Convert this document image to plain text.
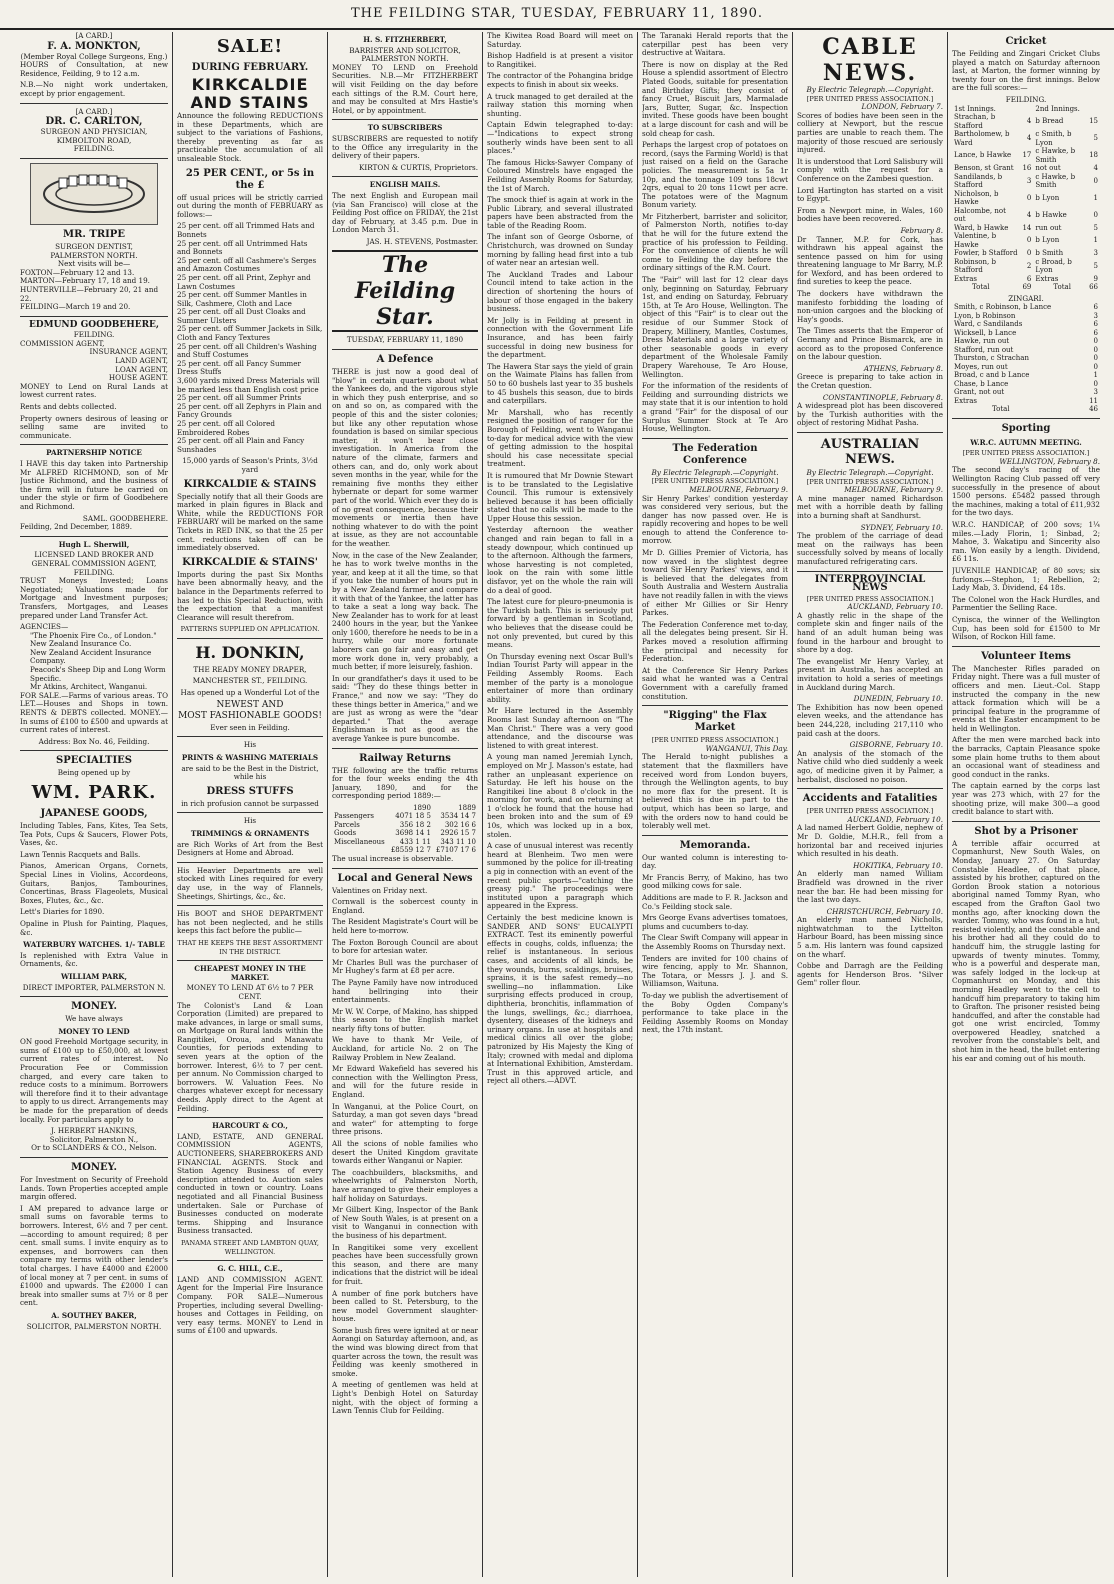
THE FEILDING STAR, TUESDAY, FEBRUARY 11, 1890.
[A CARD.]
F. A. MONKTON,
(Member Royal College Surgeons, Eng.)

HOURS of Consultation, at new Residence, Feilding, 9 to 12 a.m.

N.B.—No night work undertaken, except by prior engagement.

[A CARD.]
DR. C. CARLTON,
SURGEON AND PHYSICIAN,
KIMBOLTON ROAD,
FEILDING.
MR. TRIPE
SURGEON DENTIST,
PALMERSTON NORTH.
Next visits will be—
FOXTON—February 12 and 13.
MARTON—February 17, 18 and 19.
HUNTERVILLE—February 20, 21 and 22.
FEILDING—March 19 and 20.
EDMUND GOODBEHERE,
FEILDING.
COMMISSION AGENT,
INSURANCE AGENT,
LAND AGENT,
LOAN AGENT,
HOUSE AGENT.

MONEY to Lend on Rural Lands at lowest current rates.

Rents and debts collected.

Property owners desirous of leasing or selling same are invited to communicate.

PARTNERSHIP NOTICE

I HAVE this day taken into Partnership Mr ALFRED RICHMOND, son of Mr Justice Richmond, and the business of the firm will in future be carried on under the style or firm of Goodbehere and Richmond.

SAML. GOODBEHERE.
Feilding, 2nd December, 1889.
Hugh L. Sherwill,
LICENSED LAND BROKER AND
GENERAL COMMISSION AGENT,
FEILDING.

TRUST Moneys Invested; Loans Negotiated; Valuations made for Mortgage and Investment purposes; Transfers, Mortgages, and Leases prepared under Land Transfer Act.

AGENCIES—
"The Phoenix Fire Co., of London."
New Zealand Insurance Co.
New Zealand Accident Insurance Company.
Peacock's Sheep Dip and Long Worm Specific.
Mr Atkins, Architect, Wanganui.

FOR SALE.—Farms of various areas. TO LET.—Houses and Shops in town. RENTS & DEBTS collected. MONEY.—In sums of £100 to £500 and upwards at current rates of interest.

Address: Box No. 46, Feilding.
SPECIALTIES
Being opened up by
WM. PARK.
JAPANESE GOODS,

Including Tables, Fans, Kites, Tea Sets, Tea Pots, Cups & Saucers, Flower Pots, Vases, &c.

Lawn Tennis Racquets and Balls.

Pianos, American Organs, Cornets, Special Lines in Violins, Accordeons, Guitars, Banjos, Tambourines, Concertinas, Brass Flageolets, Musical Boxes, Flutes, &c., &c.

Lett's Diaries for 1890.

Opaline in Plush for Painting, Plaques, &c.

WATERBURY WATCHES. 1/- TABLE

Is replenished with Extra Value in Ornaments, &c.

WILLIAM PARK,
DIRECT IMPORTER, PALMERSTON N.
MONEY.
We have always
MONEY TO LEND

ON good Freehold Mortgage security, in sums of £100 up to £50,000, at lowest current rates of interest. No Procuration Fee or Commission charged, and every care taken to reduce costs to a minimum. Borrowers will therefore find it to their advantage to apply to us direct. Arrangements may be made for the preparation of deeds locally. For particulars apply to

J. HERBERT HANKINS,
Solicitor, Palmerston N.,
Or to SCLANDERS & CO., Nelson.
MONEY.

For Investment on Security of Freehold Lands. Town Properties accepted ample margin offered.

I AM prepared to advance large or small sums on favorable terms to borrowers. Interest, 6½ and 7 per cent.—according to amount required; 8 per cent. small sums. I invite enquiry as to expenses, and borrowers can then compare my terms with other lender's total charges. I have £4000 and £2000 of local money at 7 per cent. in sums of £1000 and upwards. The £2000 I can break into smaller sums at 7½ or 8 per cent.

A. SOUTHEY BAKER,
SOLICITOR, PALMERSTON NORTH.
SALE!
DURING FEBRUARY.
KIRKCALDIE AND STAINS

Announce the following REDUCTIONS in these Departments, which are subject to the variations of Fashions, thereby preventing as far as practicable the accumulation of all unsaleable Stock.

25 PER CENT., or 5s in the £

off usual prices will be strictly carried out during the month of FEBRUARY as follows:—

25 per cent. off all Trimmed Hats and Bonnets
25 per cent. off all Untrimmed Hats and Bonnets
25 per cent. off all Cashmere's Serges and Amazon Costumes
25 per cent. off all Print, Zephyr and Lawn Costumes
25 per cent. off Summer Mantles in Silk, Cashmere, Cloth and Lace
25 per cent. off all Dust Cloaks and Summer Ulsters
25 per cent. off Summer Jackets in Silk, Cloth and Fancy Textures
25 per cent. off all Children's Washing and Stuff Costumes
25 per cent. off all Fancy Summer Dress Stuffs
3,600 yards mixed Dress Materials will be marked less than English cost price
25 per cent. off all Summer Prints
25 per cent. off all Zephyrs in Plain and Fancy Grounds
25 per cent. off all Colored Embroidered Robes
25 per cent. off all Plain and Fancy Sunshades
15,000 yards of Season's Prints, 3½d yard
KIRKCALDIE & STAINS

Specially notify that all their Goods are marked in plain figures in Black and White, while the REDUCTIONS FOR FEBRUARY will be marked on the same Tickets in RED INK, so that the 25 per cent. reductions taken off can be immediately observed.

KIRKCALDIE & STAINS'

Imports during the past Six Months have been abnormally heavy, and the balance in the Departments referred to has led to this Special Reduction, with the expectation that a manifest Clearance will result therefrom.

PATTERNS SUPPLIED ON APPLICATION.
H. DONKIN,
THE READY MONEY DRAPER,
MANCHESTER ST., FEILDING.
Has opened up a Wonderful Lot of the
NEWEST AND
MOST FASHIONABLE GOODS!
Ever seen in Feilding.
His
PRINTS & WASHING MATERIALS
are said to be the Best in the District, while his
DRESS STUFFS
in rich profusion cannot be surpassed
His
TRIMMINGS & ORNAMENTS

are Rich Works of Art from the Best Designers at Home and Abroad.

His Heavier Departments are well stocked with Lines required for every day use, in the way of Flannels, Sheetings, Shirtings, &c., &c.

His BOOT and SHOE DEPARTMENT has not been neglected, and he stills keeps this fact before the public—

THAT HE KEEPS THE BEST ASSORTMENT IN THE DISTRICT.
CHEAPEST MONEY IN THE MARKET.
MONEY TO LEND AT 6½ to 7 PER CENT.

The Colonist's Land & Loan Corporation (Limited) are prepared to make advances, in large or small sums, on Mortgage on Rural lands within the Rangitikei, Oroua, and Manawatu Counties, for periods extending to seven years at the option of the borrower. Interest, 6½ to 7 per cent. per annum. No Commission charged to borrowers. W. Valuation Fees. No charges whatever except for necessary deeds. Apply direct to the Agent at Feilding.

HARCOURT & CO.,

LAND, ESTATE, AND GENERAL COMMISSION AGENTS, AUCTIONEERS, SHAREBROKERS AND FINANCIAL AGENTS. Stock and Station Agency Business of every description attended to. Auction sales conducted in town or country. Loans negotiated and all Financial Business undertaken. Sale or Purchase of Businesses conducted on moderate terms. Shipping and Insurance Business transacted.

PANAMA STREET AND LAMBTON QUAY, WELLINGTON.
G. C. HILL, C.E.,

LAND AND COMMISSION AGENT. Agent for the Imperial Fire Insurance Company. FOR SALE—Numerous Properties, including several Dwelling-houses and Cottages in Feilding, on very easy terms. MONEY to Lend in sums of £100 and upwards.

H. S. FITZHERBERT,
BARRISTER AND SOLICITOR,
PALMERSTON NORTH.

MONEY TO LEND on Freehold Securities. N.B.—Mr FITZHERBERT will visit Feilding on the day before each sittings of the R.M. Court here, and may be consulted at Mrs Hastie's Hotel, or by appointment.

TO SUBSCRIBERS

SUBSCRIBERS are requested to notify to the Office any irregularity in the delivery of their papers.

KIRTON & CURTIS, Proprietors.
ENGLISH MAILS.

The next English and European mail (via San Francisco) will close at the Feilding Post office on FRIDAY, the 21st day of February, at 3.45 p.m. Due in London March 31.

JAS. H. STEVENS, Postmaster.
The Feilding Star.
TUESDAY, FEBRUARY 11, 1890
A Defence

THERE is just now a good deal of "blow" in certain quarters about what the Yankees do, and the vigorous style in which they push enterprise, and so on and so on, as compared with the people of this and the sister colonies; but like any other reputation whose foundation is based on similar specious matter, it won't bear close investigation. In America from the nature of the climate, farmers and others can, and do, only work about seven months in the year, while for the remaining five months they either hybernate or depart for some warmer part of the world. Which ever they do is of no great consequence, because their movements or inertia then have nothing whatever to do with the point at issue, as they are not accountable for the weather.

Now, in the case of the New Zealander, he has to work twelve months in the year, and keep at it all the time, so that if you take the number of hours put in by a New Zealand farmer and compare it with that of the Yankee, the latter has to take a seat a long way back. The New Zealander has to work for at least 2400 hours in the year, but the Yankee only 1600, therefore he needs to be in a hurry, while our more fortunate laborers can go fair and easy and get more work done in, very probably, a much better, if more leisurely, fashion.

In our grandfather's days it used to be said: "They do these things better in France," and now we say: "They do these things better in America," and we are just as wrong as were the "dear departed." That the average Englishman is not as good as the average Yankee is pure buncombe.

Railway Returns

THE following are the traffic returns for the four weeks ending the 4th January, 1890, and for the corresponding period 1889:—

	1890	1889
Passengers	4071 18 5	3534 14 7
Parcels	356 18 2	302 16 6
Goods	3698 14 1	2926 15 7
Miscellaneous	433 1 11	343 11 10
	£8559 12 7	£7107 17 6

The usual increase is observable.

Local and General News

Valentines on Friday next.

Cornwall is the sobercest county in England.

The Resident Magistrate's Court will be held here to-morrow.

The Foxton Borough Council are about to bore for artesian water.

Mr Charles Bull was the purchaser of Mr Hughey's farm at £8 per acre.

The Payne Family have now introduced hand bellringing into their entertainments.

Mr W. W. Corpe, of Makino, has shipped this season to the English market nearly fifty tons of butter.

We have to thank Mr Veile, of Auckland, for article No. 2 on The Railway Problem in New Zealand.

Mr Edward Wakefield has severed his connection with the Wellington Press, and will for the future reside in England.

In Wanganui, at the Police Court, on Saturday, a man got seven days "bread and water" for attempting to forge three prisons.

All the scions of noble families who desert the United Kingdom gravitate towards either Wanganui or Napier.

The coachbuilders, blacksmiths, and wheelwrights of Palmerston North, have arranged to give their employes a half holiday on Saturdays.

Mr Gilbert King, Inspector of the Bank of New South Wales, is at present on a visit to Wanganui in connection with the business of his department.

In Rangitikei some very excellent peaches have been successfully grown this season, and there are many indications that the district will be ideal for fruit.

A number of fine pork butchers have been called to St. Petersburg, to the new model Government slaughter-house.

Some bush fires were ignited at or near Aorangi on Saturday afternoon, and, as the wind was blowing direct from that quarter across the town, the result was Feilding was keenly smothered in smoke.

A meeting of gentlemen was held at Light's Denbigh Hotel on Saturday night, with the object of forming a Lawn Tennis Club for Feilding.

The Kiwitea Road Board will meet on Saturday.

Bishop Hadfield is at present a visitor to Rangitikei.

The contractor of the Pohangina bridge expects to finish in about six weeks.

A truck managed to get derailed at the railway station this morning when shunting.

Captain Edwin telegraphed to-day:—"Indications to expect strong southerly winds have been sent to all places."

The famous Hicks-Sawyer Company of Coloured Minstrels have engaged the Feilding Assembly Rooms for Saturday, the 1st of March.

The smock thief is again at work in the Public Library, and several illustrated papers have been abstracted from the table of the Reading Room.

The infant son of George Osborne, of Christchurch, was drowned on Sunday morning by falling head first into a tub of water near an artesian well.

The Auckland Trades and Labour Council intend to take action in the direction of shortening the hours of labour of those engaged in the bakery business.

Mr Jolly is in Feilding at present in connection with the Government Life Insurance, and has been fairly successful in doing new business for the department.

The Hawera Star says the yield of grain on the Waimate Plains has fallen from 50 to 60 bushels last year to 35 bushels to 45 bushels this season, due to birds and caterpillars.

Mr Marshall, who has recently resigned the position of ranger for the Borough of Feilding, went to Wanganui to-day for medical advice with the view of getting admission to the hospital should his case necessitate special treatment.

It is rumoured that Mr Downie Stewart is to be translated to the Legislative Council. This rumour is extensively believed because it has been officially stated that no calls will be made to the Upper House this session.

Yesterday afternoon the weather changed and rain began to fall in a steady downpour, which continued up to the afternoon. Although the farmers, whose harvesting is not completed, look on the rain with some little disfavor, yet on the whole the rain will do a deal of good.

The latest cure for pleuro-pneumonia is the Turkish bath. This is seriously put forward by a gentleman in Scotland, who believes that the disease could be not only prevented, but cured by this means.

On Thursday evening next Oscar Bull's Indian Tourist Party will appear in the Feilding Assembly Rooms. Each member of the party is a monologue entertainer of more than ordinary ability.

Mr Hare lectured in the Assembly Rooms last Sunday afternoon on "The Man Christ." There was a very good attendance, and the discourse was listened to with great interest.

A young man named Jeremiah Lynch, employed on Mr J. Masson's estate, had rather an unpleasant experience on Saturday. He left his house on the Rangitikei line about 8 o'clock in the morning for work, and on returning at 1 o'clock he found that the house had been broken into and the sum of £9 10s, which was locked up in a box, stolen.

A case of unusual interest was recently heard at Blenheim. Two men were summoned by the police for ill-treating a pig in connection with an event of the recent public sports—"catching the greasy pig." The proceedings were instituted upon a paragraph which appeared in the Express.

Certainly the best medicine known is SANDER AND SONS' EUCALYPTI EXTRACT. Test its eminently powerful effects in coughs, colds, influenza; the relief is instantaneous. In serious cases, and accidents of all kinds, be they wounds, burns, scaldings, bruises, sprains, it is the safest remedy—no swelling—no inflammation. Like surprising effects produced in croup, diphtheria, bronchitis, inflammation of the lungs, swellings, &c.; diarrhoea, dysentery, diseases of the kidneys and urinary organs. In use at hospitals and medical clinics all over the globe; patronized by His Majesty the King of Italy; crowned with medal and diploma at International Exhibition, Amsterdam. Trust in this approved article, and reject all others.—ADVT.

The Taranaki Herald reports that the caterpillar pest has been very destructive at Waitara.

There is now on display at the Red House a splendid assortment of Electro Plated Goods, suitable for presentation and Birthday Gifts; they consist of fancy Cruet, Biscuit Jars, Marmalade Jars, Butter, Sugar, &c. Inspection invited. These goods have been bought at a large discount for cash and will be sold cheap for cash.

Perhaps the largest crop of potatoes on record, (says the Farming World) is that just raised on a field on the Garache policies. The measurement is 5a 1r 10p, and the tonnage 109 tons 18cwt 2qrs, equal to 20 tons 11cwt per acre. The potatoes were of the Magnum Bonum variety.

Mr Fitzherbert, barrister and solicitor, of Palmerston North, notifies to-day that he will for the future extend the practice of his profession to Feilding. For the convenience of clients he will come to Feilding the day before the ordinary sittings of the R.M. Court.

The "Fair" will last for 12 clear days only, beginning on Saturday, February 1st, and ending on Saturday, February 15th, at Te Aro House, Wellington. The object of this "Fair" is to clear out the residue of our Summer Stock of Drapery, Millinery, Mantles, Costumes, Dress Materials and a large variety of other seasonable goods in every department of the Wholesale Family Drapery Warehouse, Te Aro House, Wellington.

For the information of the residents of Feilding and surrounding districts we may state that it is our intention to hold a grand "Fair" for the disposal of our Surplus Summer Stock at Te Aro House, Wellington.

The Federation Conference
By Electric Telegraph.—Copyright.
[PER UNITED PRESS ASSOCIATION.]
MELBOURNE, February 9.

Sir Henry Parkes' condition yesterday was considered very serious, but the danger has now passed over. He is rapidly recovering and hopes to be well enough to attend the Conference to-morrow.

Mr D. Gillies Premier of Victoria, has now waved in the slightest degree toward Sir Henry Parkes' views, and it is believed that the delegates from South Australia and Western Australia have not readily fallen in with the views of either Mr Gillies or Sir Henry Parkes.

The Federation Conference met to-day, all the delegates being present. Sir H. Parkes moved a resolution affirming the principal and necessity for Federation.

At the Conference Sir Henry Parkes said what he wanted was a Central Government with a carefully framed constitution.

"Rigging" the Flax Market
[PER UNITED PRESS ASSOCIATION.]
WANGANUI, This Day.

The Herald to-night publishes a statement that the flaxmillers have received word from London buyers, through the Wellington agents, to buy no more flax for the present. It is believed this is due in part to the output, which has been so large, and with the orders now to hand could be tolerably well met.

Memoranda.

Our wanted column is interesting to-day.

Mr Francis Berry, of Makino, has two good milking cows for sale.

Additions are made to F. R. Jackson and Co.'s Feilding stock sale.

Mrs George Evans advertises tomatoes, plums and cucumbers to-day.

The Clear Swift Company will appear in the Assembly Rooms on Thursday next.

Tenders are invited for 100 chains of wire fencing, apply to Mr. Shannon, The Totara, or Messrs J. J. and S. Williamson, Waituna.

To-day we publish the advertisement of the Boby Ogden Company's performance to take place in the Feilding Assembly Rooms on Monday next, the 17th instant.

CABLE NEWS.
By Electric Telegraph.—Copyright.
[PER UNITED PRESS ASSOCIATION.]
LONDON, February 7.

Scores of bodies have been seen in the colliery at Newport, but the rescue parties are unable to reach them. The majority of those rescued are seriously injured.

It is understood that Lord Salisbury will comply with the request for a Conference on the Zambesi question.

Lord Hartington has started on a visit to Egypt.

From a Newport mine, in Wales, 160 bodies have been recovered.

February 8.

Dr Tanner, M.P. for Cork, has withdrawn his appeal against the sentence passed on him for using threatening language to Mr Barry, M.P. for Wexford, and has been ordered to find sureties to keep the peace.

The dockers have withdrawn the manifesto forbidding the loading of non-union cargoes and the blocking of Hay's goods.

The Times asserts that the Emperor of Germany and Prince Bismarck, are in accord as to the proposed Conference on the labour question.

ATHENS, February 8.

Greece is preparing to take action in the Cretan question.

CONSTANTINOPLE, February 8.

A widespread plot has been discovered by the Turkish authorities with the object of restoring Midhat Pasha.

AUSTRALIAN NEWS.
By Electric Telegraph.—Copyright.
[PER UNITED PRESS ASSOCIATION.]
MELBOURNE, February 9.

A mine manager named Richardson met with a horrible death by falling into a burning shaft at Sandhurst.

SYDNEY, February 10.

The problem of the carriage of dead meat on the railways has been successfully solved by means of locally manufactured refrigerating cars.

INTERPROVINCIAL NEWS
[PER UNITED PRESS ASSOCIATION.]
AUCKLAND, February 10.

A ghastly relic in the shape of the complete skin and finger nails of the hand of an adult human being was found in the harbour and brought to shore by a dog.

The evangelist Mr Henry Varley, at present in Australia, has accepted an invitation to hold a series of meetings in Auckland during March.

DUNEDIN, February 10.

The Exhibition has now been opened eleven weeks, and the attendance has been 244,228, including 217,110 who paid cash at the doors.

GISBORNE, February 10.

An analysis of the stomach of the Native child who died suddenly a week ago, of medicine given it by Palmer, a herbalist, disclosed no poison.

Accidents and Fatalities
[PER UNITED PRESS ASSOCIATION.]
AUCKLAND, February 10.

A lad named Herbert Goldie, nephew of Mr D. Goldie, M.H.R., fell from a horizontal bar and received injuries which resulted in his death.

HOKITIKA, February 10.

An elderly man named William Bradfield was drowned in the river near the bar. He had been missing for the last two days.

CHRISTCHURCH, February 10.

An elderly man named Nicholls, nightwatchman to the Lyttelton Harbour Board, has been missing since 5 a.m. His lantern was found capsized on the wharf.

Cobbe and Darragh are the Feilding agents for Henderson Bros. "Silver Gem" roller flour.

Cricket

The Feilding and Zingari Cricket Clubs played a match on Saturday afternoon last, at Marton, the former winning by twenty four on the first innings. Below are the full scores:—

FEILDING.
1st Innings.		2nd Innings.	
Strachan, b Stafford	4	b Bread	15
Bartholomew, b Ward	4	c Smith, b Lyon	5
Lance, b Hawke	17	c Hawke, b Smith	18
Benson, st Grant	16	not out	4
Sandilands, b Stafford	3	c Hawke, b Smith	0
Nicholson, b Hawke	0	b Lyon	1
Halcombe, not out	4	b Hawke	0
Ward, b Hawke	14	run out	5
Valentine, b Hawke	0	b Lyon	1
Fowler, b Stafford	0	b Smith	3
Robinson, b Stafford	2	c Broad, b Lyon	5
Extras	6	Extras	9
Total	69	Total	66
ZINGARI.
Smith, c Robinson, b Lance	6
Lyon, b Robinson	3
Ward, c Sandilands	6
Wicksell, b Lance	6
Hawke, run out	0
Stafford, run out	0
Thurston, c Strachan	0
Moyes, run out	0
Broad, c and b Lance	1
Chase, b Lance	0
Grant, not out	3
Extras	11
Total	46
Sporting
W.R.C. AUTUMN MEETING.
[PER UNITED PRESS ASSOCIATION.]
WELLINGTON, February 8.

The second day's racing of the Wellington Racing Club passed off very successfully in the presence of about 1500 persons. £5482 passed through the machines, making a total of £11,932 for the two days.

W.R.C. HANDICAP, of 200 sovs; 1¼ miles.—Lady Florin, 1; Sinbad, 2; Mahoe, 3. Wakatipu and Sincerity also ran. Won easily by a length. Dividend, £6 11s.

JUVENILE HANDICAP, of 80 sovs; six furlongs.—Stephon, 1; Rebellion, 2; Lady Mab, 3. Dividend, £4 18s.

The Colonel won the Hack Hurdles, and Parmentier the Selling Race.

Cyniscа, the winner of the Wellington Cup, has been sold for £1500 to Mr Wilson, of Rockon Hill fame.

Volunteer Items

The Manchester Rifles paraded on Friday night. There was a full muster of officers and men. Lieut.-Col. Stapp instructed the company in the new attack formation which will be a principal feature in the programme of events at the Easter encampment to be held in Wellington.

After the men were marched back into the barracks, Captain Pleasance spoke some plain home truths to them about an occasional want of steadiness and good conduct in the ranks.

The captain earned by the corps last year was 273 which, with 27 for the shooting prize, will make 300—a good credit balance to start with.

Shot by a Prisoner

A terrible affair occurred at Copmanhurst, New South Wales, on Monday, January 27. On Saturday Constable Headlee, of that place, assisted by his brother, captured on the Gordon Brook station a notorious aboriginal named Tommy Ryan, who escaped from the Grafton Gaol two months ago, after knocking down the warder. Tommy, who was found in a hut, resisted violently, and the constable and his brother had all they could do to handcuff him, the struggle lasting for upwards of twenty minutes. Tommy, who is a powerful and desperate man, was safely lodged in the lock-up at Copmanhurst on Monday, and this morning Headley went to the cell to handcuff him preparatory to taking him to Grafton. The prisoner resisted being handcuffed, and after the constable had got one wrist encircled, Tommy overpowered Headley, snatched a revolver from the constable's belt, and shot him in the head, the bullet entering his ear and coming out of his mouth.
